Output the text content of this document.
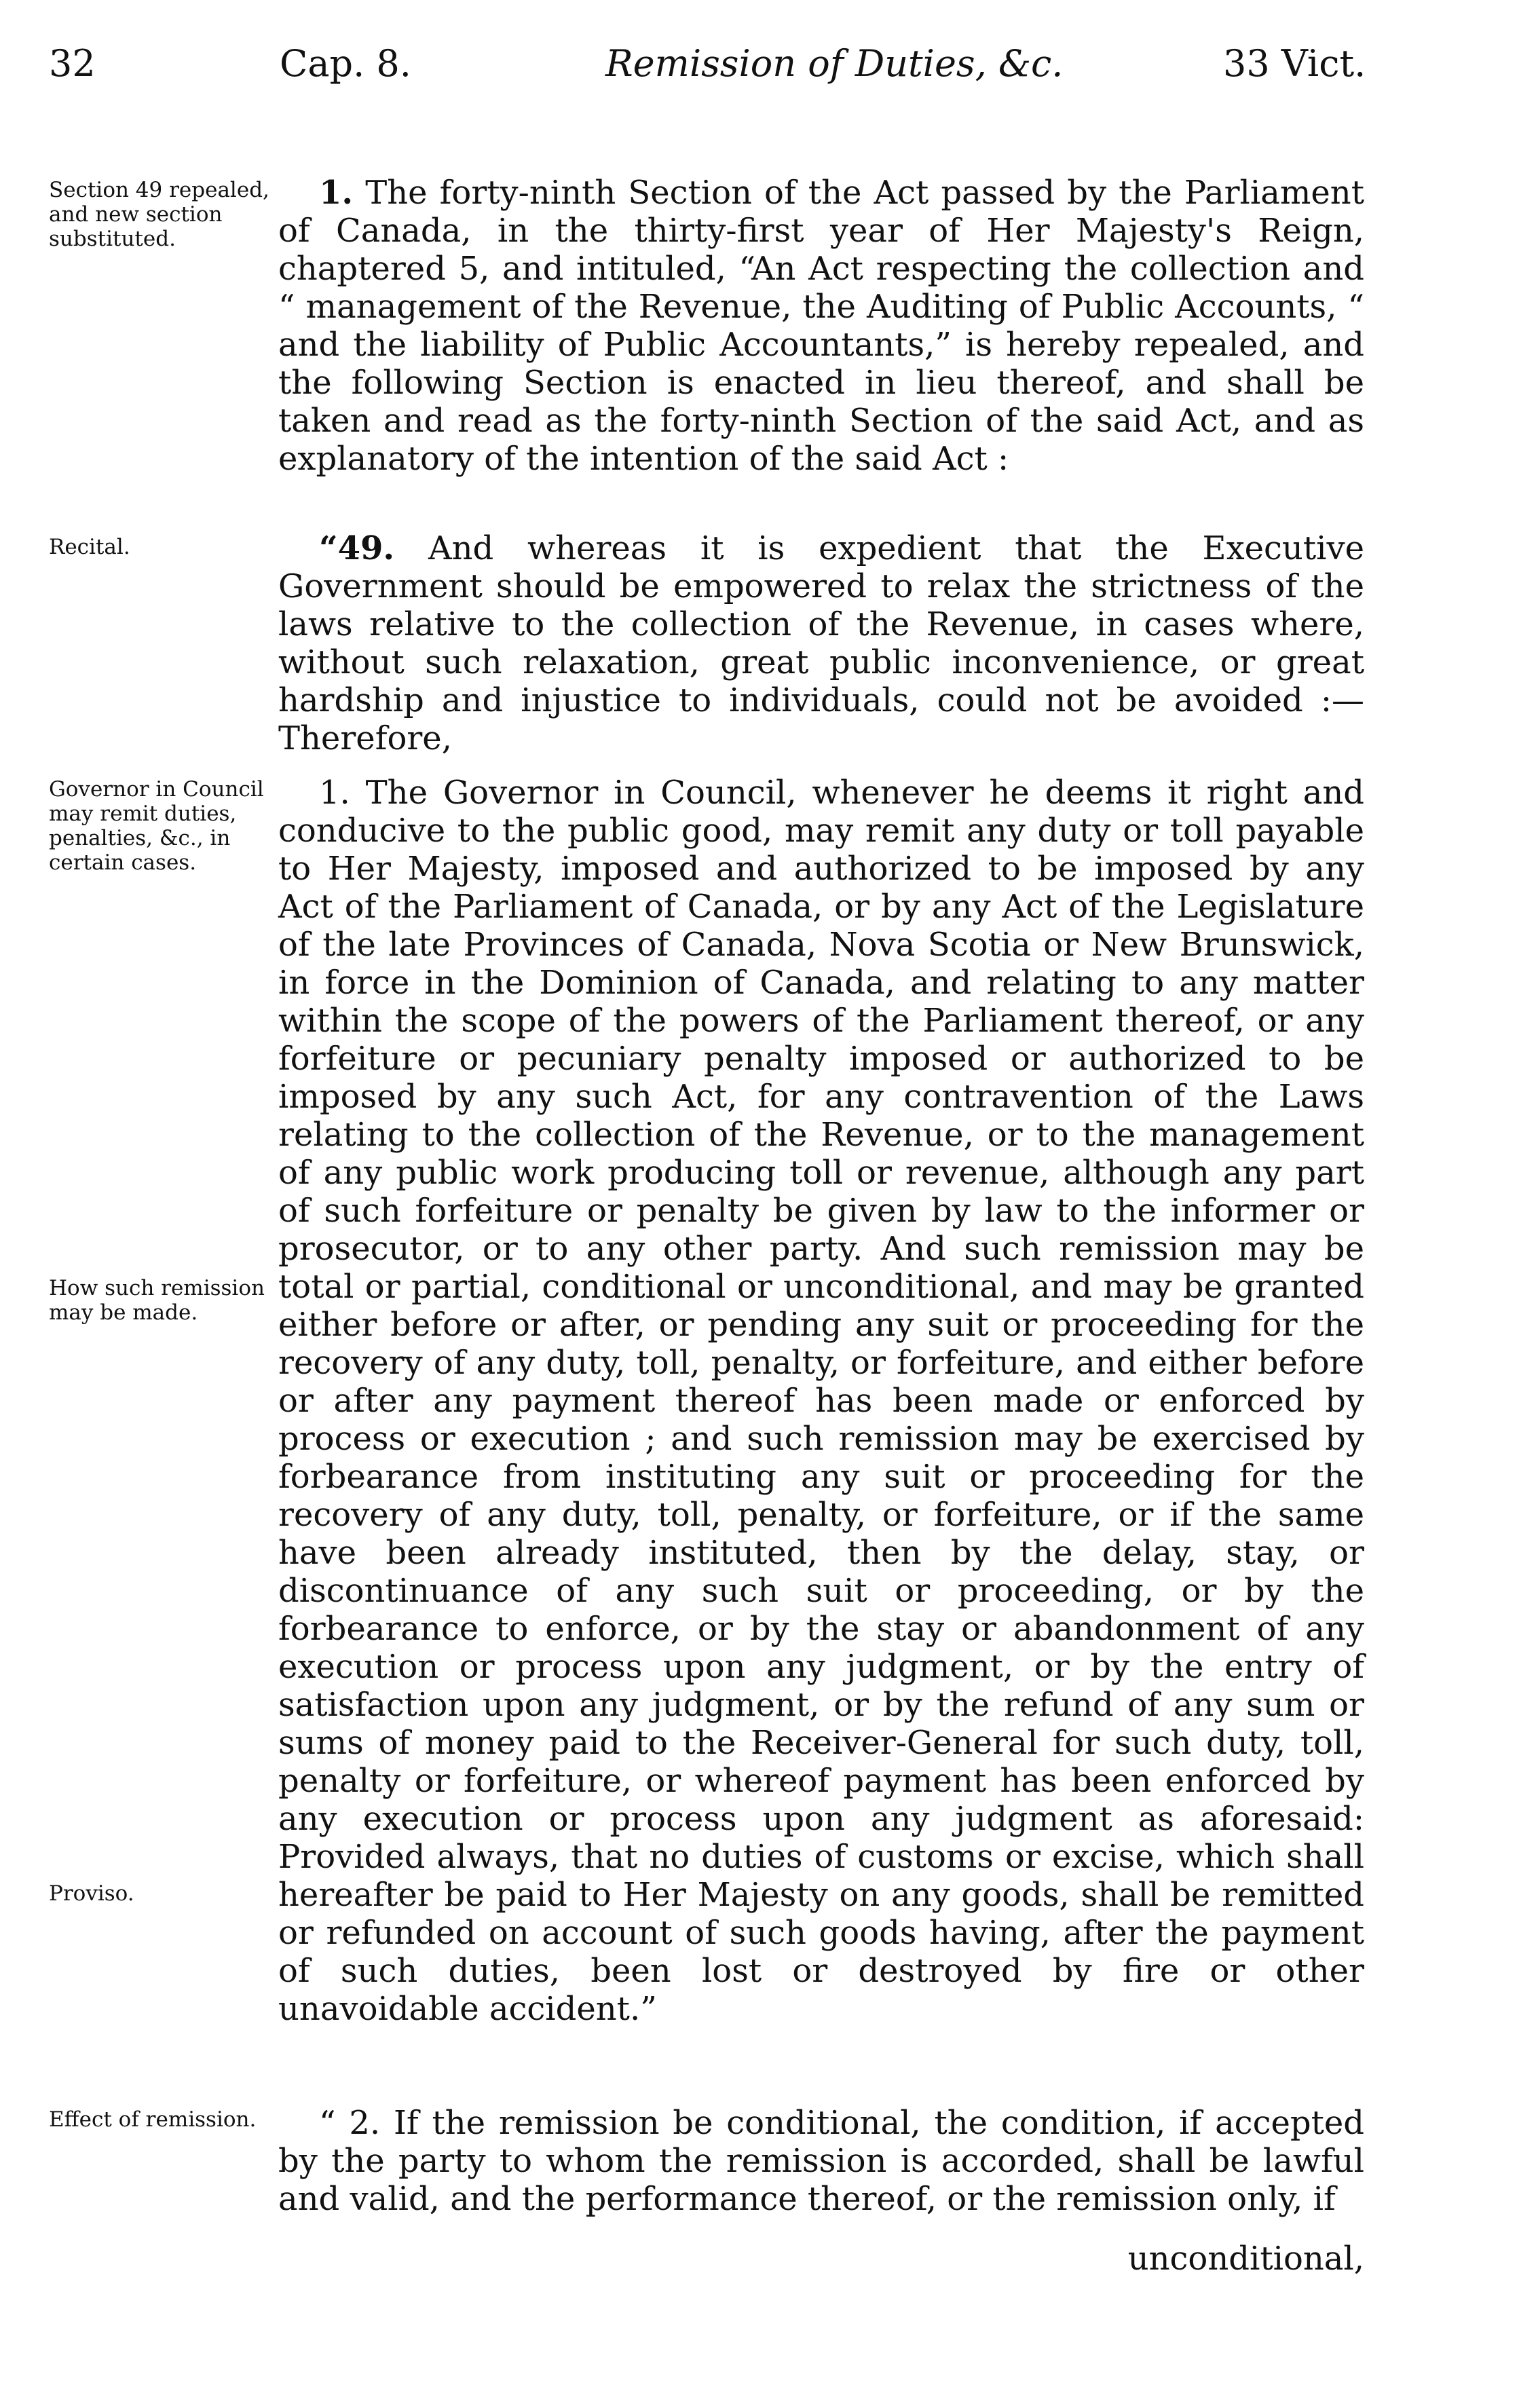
32	Cap. 8.	Remission of Duties, &c.	33 Vict.
Section 49 repealed, and new section substituted.
Recital.
Governor in Council may remit duties, penalties, &c., in certain cases.
How such remission may be made.
Proviso.
Effect of remission.

1. The forty-ninth Section of the Act passed by the Parliament of Canada, in the thirty-first year of Her Majesty's Reign, chaptered 5, and intituled, “An Act respecting the collection and “ management of the Revenue, the Auditing of Public Accounts, “ and the liability of Public Accountants,” is hereby repealed, and the following Section is enacted in lieu thereof, and shall be taken and read as the forty-ninth Section of the said Act, and as explanatory of the intention of the said Act :

“49. And whereas it is expedient that the Executive Government should be empowered to relax the strictness of the laws relative to the collection of the Revenue, in cases where, without such relaxation, great public inconvenience, or great hardship and injustice to individuals, could not be avoided :—Therefore,

1. The Governor in Council, whenever he deems it right and conducive to the public good, may remit any duty or toll payable to Her Majesty, imposed and authorized to be imposed by any Act of the Parliament of Canada, or by any Act of the Legislature of the late Provinces of Canada, Nova Scotia or New Brunswick, in force in the Dominion of Canada, and relating to any matter within the scope of the powers of the Parliament thereof, or any forfeiture or pecuniary penalty imposed or authorized to be imposed by any such Act, for any contravention of the Laws relating to the collection of the Revenue, or to the management of any public work producing toll or revenue, although any part of such forfeiture or penalty be given by law to the informer or prosecutor, or to any other party. And such remission may be total or partial, conditional or unconditional, and may be granted either before or after, or pending any suit or proceeding for the recovery of any duty, toll, penalty, or forfeiture, and either before or after any payment thereof has been made or enforced by process or execution ; and such remission may be exercised by forbearance from instituting any suit or proceeding for the recovery of any duty, toll, penalty, or forfeiture, or if the same have been already instituted, then by the delay, stay, or discontinuance of any such suit or proceeding, or by the forbearance to enforce, or by the stay or abandonment of any execution or process upon any judgment, or by the entry of satisfaction upon any judgment, or by the refund of any sum or sums of money paid to the Receiver-General for such duty, toll, penalty or forfeiture, or whereof payment has been enforced by any execution or process upon any judgment as aforesaid: Provided always, that no duties of customs or excise, which shall hereafter be paid to Her Majesty on any goods, shall be remitted or refunded on account of such goods having, after the payment of such duties, been lost or destroyed by fire or other unavoidable accident.”

“ 2. If the remission be conditional, the condition, if accepted by the party to whom the remission is accorded, shall be lawful and valid, and the performance thereof, or the remission only, if

unconditional,
